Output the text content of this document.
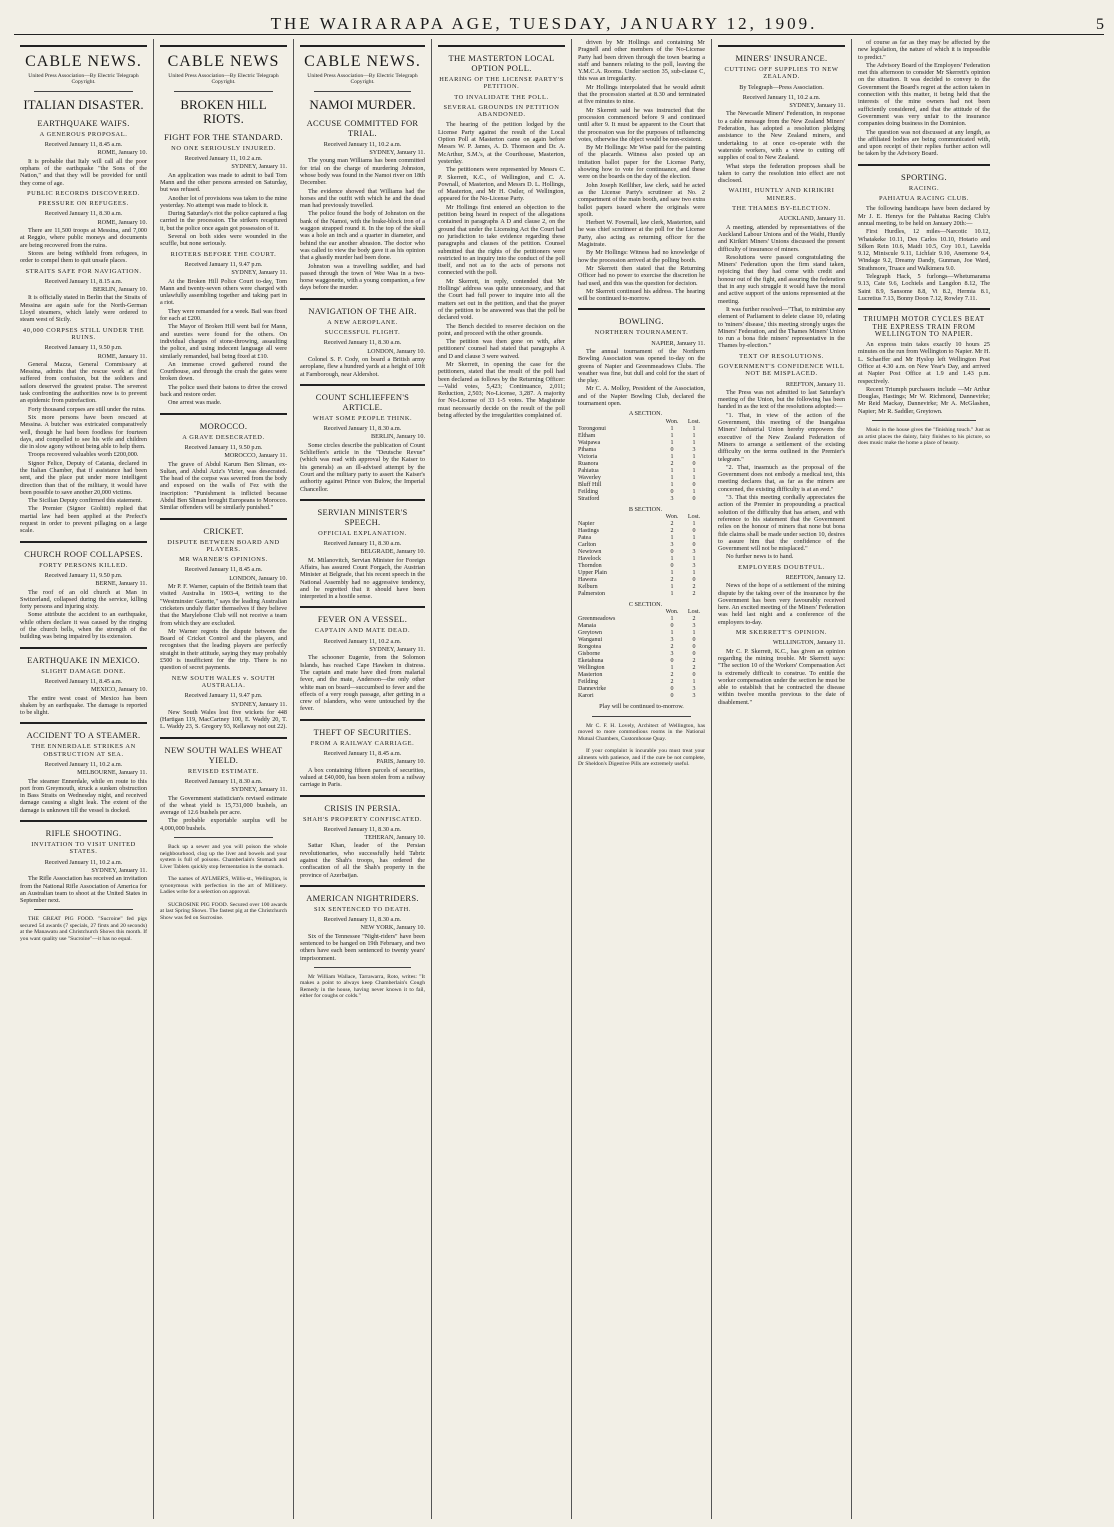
THE WAIRARAPA AGE, TUESDAY, JANUARY 12, 1909.	5
CABLE NEWS.
United Press Association—By Electric Telegraph Copyright.
ITALIAN DISASTER.
EARTHQUAKE WAIFS.
A GENEROUS PROPOSAL.

Received January 11, 8.45 a.m.

ROME, January 10.

It is probable that Italy will call all the poor orphans of the earthquake "the Sons of the Nation," and that they will be provided for until they come of age.

PUBLIC RECORDS DISCOVERED.
PRESSURE ON REFUGEES.

Received January 11, 8.30 a.m.

ROME, January 10.

There are 11,500 troops at Messina, and 7,000 at Reggio, where public moneys and documents are being recovered from the ruins.

Stores are being withheld from refugees, in order to compel them to quit unsafe places.

STRAITS SAFE FOR NAVIGATION.

Received January 11, 8.15 a.m.

BERLIN, January 10.

It is officially stated in Berlin that the Straits of Messina are again safe for the North-German Lloyd steamers, which lately were ordered to steam west of Sicily.

40,000 CORPSES STILL UNDER THE RUINS.

Received January 11, 9.50 p.m.

ROME, January 11.

General Mazza, General Commissary at Messina, admits that the rescue work at first suffered from confusion, but the soldiers and sailors deserved the greatest praise. The severest task confronting the authorities now is to prevent an epidemic from putrefaction.

Forty thousand corpses are still under the ruins.

Six more persons have been rescued at Messina. A butcher was extricated comparatively well, though he had been foodless for fourteen days, and compelled to see his wife and children die in slow agony without being able to help them.

Troops recovered valuables worth £200,000.

Signor Felice, Deputy of Catania, declared in the Italian Chamber, that if assistance had been sent, and the place put under more intelligent direction than that of the military, it would have been possible to save another 20,000 victims.

The Sicilian Deputy confirmed this statement.

The Premier (Signor Giolitti) replied that martial law had been applied at the Prefect's request in order to prevent pillaging on a large scale.

CHURCH ROOF COLLAPSES.
FORTY PERSONS KILLED.

Received January 11, 9.50 p.m.

BERNE, January 11.

The roof of an old church at Man in Switzerland, collapsed during the service, killing forty persons and injuring sixty.

Some attribute the accident to an earthquake, while others declare it was caused by the ringing of the church bells, when the strength of the building was being impaired by its extension.

EARTHQUAKE IN MEXICO.
SLIGHT DAMAGE DONE.

Received January 11, 8.45 a.m.

MEXICO, January 10.

The entire west coast of Mexico has been shaken by an earthquake. The damage is reported to be slight.

ACCIDENT TO A STEAMER.
THE ENNERDALE STRIKES AN OBSTRUCTION AT SEA.

Received January 11, 10.2 a.m.

MELBOURNE, January 11.

The steamer Ennerdale, while en route to this port from Greymouth, struck a sunken obstruction in Bass Straits on Wednesday night, and received damage causing a slight leak. The extent of the damage is unknown till the vessel is docked.

RIFLE SHOOTING.
INVITATION TO VISIT UNITED STATES.

Received January 11, 10.2 a.m.

SYDNEY, January 11.

The Rifle Association has received an invitation from the National Rifle Association of America for an Australian team to shoot at the United States in September next.

THE GREAT PIG FOOD. "Sucroine" fed pigs secured 54 awards (7 specials, 27 firsts and 20 seconds) at the Manawatu and Christchurch Shows this month. If you want quality use "Sucroine"—it has no equal.

CABLE NEWS
United Press Association—By Electric Telegraph Copyright.
BROKEN HILL RIOTS.
FIGHT FOR THE STANDARD.
NO ONE SERIOUSLY INJURED.

Received January 11, 10.2 a.m.

SYDNEY, January 11.

An application was made to admit to bail Tom Mann and the other persons arrested on Saturday, but was refused.

Another lot of provisions was taken to the mine yesterday. No attempt was made to block it.

During Saturday's riot the police captured a flag carried in the procession. The strikers recaptured it, but the police once again got possession of it.

Several on both sides were wounded in the scuffle, but none seriously.

RIOTERS BEFORE THE COURT.

Received January 11, 9.47 p.m.

SYDNEY, January 11.

At the Broken Hill Police Court to-day, Tom Mann and twenty-seven others were charged with unlawfully assembling together and taking part in a riot.

They were remanded for a week. Bail was fixed for each at £200.

The Mayor of Broken Hill went bail for Mann, and sureties were found for the others. On individual charges of stone-throwing, assaulting the police, and using indecent language all were similarly remanded, bail being fixed at £10.

An immense crowd gathered round the Courthouse, and through the crush the gates were broken down.

The police used their batons to drive the crowd back and restore order.

One arrest was made.

MOROCCO.
A GRAVE DESECRATED.

Received January 11, 9.50 p.m.

MOROCCO, January 11.

The grave of Abdul Karum Ben Sliman, ex-Sultan, and Abdul Aziz's Vizier, was desecrated. The head of the corpse was severed from the body and exposed on the walls of Fez with the inscription: "Punishment is inflicted because Abdul Ben Sliman brought Europeans to Morocco. Similar offenders will be similarly punished."

CRICKET.
DISPUTE BETWEEN BOARD AND PLAYERS.
MR WARNER'S OPINIONS.

Received January 11, 8.45 a.m.

LONDON, January 10.

Mr P. F. Warner, captain of the British team that visited Australia in 1903-4, writing to the "Westminster Gazette," says the leading Australian cricketers unduly flatter themselves if they believe that the Marylebone Club will not receive a team from which they are excluded.

Mr Warner regrets the dispute between the Board of Cricket Control and the players, and recognises that the leading players are perfectly straight in their attitude, saying they may probably £500 is insufficient for the trip. There is no question of secret payments.

NEW SOUTH WALES v. SOUTH AUSTRALIA.

Received January 11, 9.47 p.m.

SYDNEY, January 11.

New South Wales lost five wickets for 448 (Hartigan 119, MacCartney 100, E. Waddy 20, T. L. Waddy 23, S. Gregory 93, Kellaway not out 22).

NEW SOUTH WALES WHEAT YIELD.
REVISED ESTIMATE.

Received January 11, 8.30 a.m.

SYDNEY, January 11.

The Government statistician's revised estimate of the wheat yield is 15,731,000 bushels, an average of 12.6 bushels per acre.

The probable exportable surplus will be 4,000,000 bushels.

Back up a sewer and you will poison the whole neighbourhood, clog up the liver and bowels and your system is full of poisons. Chamberlain's Stomach and Liver Tablets quickly stop fermentation in the stomach.

The names of AYLMER'S, Willis-st., Wellington, is synonymous with perfection in the art of Millinery. Ladies write for a selection on approval.

SUCROSINE PIG FOOD. Secured over 100 awards at last Spring Shows. The fastest pig at the Christchurch Show was fed on Sucrosine.

CABLE NEWS.
United Press Association—By Electric Telegraph Copyright.
NAMOI MURDER.
ACCUSE COMMITTED FOR TRIAL.

Received January 11, 10.2 a.m.

SYDNEY, January 11.

The young man Williams has been committed for trial on the charge of murdering Johnston, whose body was found in the Namoi river on 18th December.

The evidence showed that Williams had the horses and the outfit with which he and the dead man had previously travelled.

The police found the body of Johnston on the bank of the Namoi, with the brake-block iron of a waggon strapped round it. In the top of the skull was a hole an inch and a quarter in diameter, and behind the ear another abrasion. The doctor who was called to view the body gave it as his opinion that a ghastly murder had been done.

Johnston was a travelling saddler, and had passed through the town of Wee Waa in a two-horse waggonette, with a young companion, a few days before the murder.

NAVIGATION OF THE AIR.
A NEW AEROPLANE.
SUCCESSFUL FLIGHT.

Received January 11, 8.30 a.m.

LONDON, January 10.

Colonel S. F. Cody, on board a British army aeroplane, flew a hundred yards at a height of 10ft at Farnborough, near Aldershot.

COUNT SCHLIEFFEN'S ARTICLE.
WHAT SOME PEOPLE THINK.

Received January 11, 8.30 a.m.

BERLIN, January 10.

Some circles describe the publication of Count Schlieffen's article in the "Deutsche Revue" (which was read with approval by the Kaiser to his generals) as an ill-advised attempt by the Court and the military party to assert the Kaiser's authority against Prince von Bulow, the Imperial Chancellor.

SERVIAN MINISTER'S SPEECH.
OFFICIAL EXPLANATION.

Received January 11, 8.30 a.m.

BELGRADE, January 10.

M. Milanovitch, Servian Minister for Foreign Affairs, has assured Count Forgach, the Austrian Minister at Belgrade, that his recent speech in the National Assembly had no aggressive tendency, and he regretted that it should have been interpreted in a hostile sense.

FEVER ON A VESSEL.
CAPTAIN AND MATE DEAD.

Received January 11, 10.2 a.m.

SYDNEY, January 11.

The schooner Eugenie, from the Solomon Islands, has reached Cape Hawken in distress. The captain and mate have died from malarial fever, and the mate, Anderson—the only other white man on board—succumbed to fever and the effects of a very rough passage, after getting in a crew of islanders, who were untouched by the fever.

THEFT OF SECURITIES.
FROM A RAILWAY CARRIAGE.

Received January 11, 8.45 a.m.

PARIS, January 10.

A box containing fifteen parcels of securities, valued at £40,000, has been stolen from a railway carriage in Paris.

CRISIS IN PERSIA.
SHAH'S PROPERTY CONFISCATED.

Received January 11, 8.30 a.m.

TEHERAN, January 10.

Sattar Khan, leader of the Persian revolutionaries, who successfully held Tabriz against the Shah's troops, has ordered the confiscation of all the Shah's property in the province of Azerbaijan.

AMERICAN NIGHTRIDERS.
SIX SENTENCED TO DEATH.

Received January 11, 8.30 a.m.

NEW YORK, January 10.

Six of the Tennessee "Night-riders" have been sentenced to be hanged on 19th February, and two others have each been sentenced to twenty years' imprisonment.

Mr William Wallace, Tarrawarra, Roto, writes: "It makes a point to always keep Chamberlain's Cough Remedy in the house, having never known it to fail, either for coughs or colds."

THE MASTERTON LOCAL OPTION POLL.
HEARING OF THE LICENSE PARTY'S PETITION.
TO INVALIDATE THE POLL.
SEVERAL GROUNDS IN PETITION ABANDONED.

The hearing of the petition lodged by the License Party against the result of the Local Option Poll at Masterton came on again before Messrs W. P. James, A. D. Thomson and Dr. A. McArthur, S.M.'s, at the Courthouse, Masterton, yesterday.

The petitioners were represented by Messrs C. P. Skerrett, K.C., of Wellington, and C. A. Pownall, of Masterton, and Messrs D. L. Hollings, of Masterton, and Mr H. Ostler, of Wellington, appeared for the No-License Party.

Mr Hollings first entered an objection to the petition being heard in respect of the allegations contained in paragraphs A D and clause 2, on the ground that under the Licensing Act the Court had no jurisdiction to take evidence regarding these paragraphs and clauses of the petition. Counsel submitted that the rights of the petitioners were restricted to an inquiry into the conduct of the poll itself, and not as to the acts of persons not connected with the poll.

Mr Skerrett, in reply, contended that Mr Hollings' address was quite unnecessary, and that the Court had full power to inquire into all the matters set out in the petition, and that the prayer of the petition to be answered was that the poll be declared void.

The Bench decided to reserve decision on the point, and proceed with the other grounds.

The petition was then gone on with, after petitioners' counsel had stated that paragraphs A and D and clause 3 were waived.

Mr Skerrett, in opening the case for the petitioners, stated that the result of the poll had been declared as follows by the Returning Officer:—Valid votes, 5,423; Continuance, 2,011; Reduction, 2,503; No-License, 3,287. A majority for No-License of 33 1-5 votes. The Magistrate must necessarily decide on the result of the poll being affected by the irregularities complained of.

driven by Mr Hollings and containing Mr Pragnell and other members of the No-License Party had been driven through the town bearing a staff and banners relating to the poll, leaving the Y.M.C.A. Rooms. Under section 35, sub-clause C, this was an irregularity.

Mr Hollings interpolated that he would admit that the procession started at 8.30 and terminated at five minutes to nine.

Mr Skerrett said he was instructed that the procession commenced before 9 and continued until after 9. It must be apparent to the Court that the procession was for the purposes of influencing votes, otherwise the object would be non-existent.

By Mr Hollings: Mr Wise paid for the painting of the placards. Witness also posted up an imitation ballot paper for the License Party, showing how to vote for continuance, and these were on the boards on the day of the election.

John Joseph Keilliher, law clerk, said he acted as the License Party's scrutineer at No. 2 compartment of the main booth, and saw two extra ballot papers issued where the originals were spoilt.

Herbert W. Fowmall, law clerk, Masterton, said he was chief scrutineer at the poll for the License Party, also acting as returning officer for the Magistrate.

By Mr Hollings: Witness had no knowledge of how the procession arrived at the polling booth.

Mr Skerrett then stated that the Returning Officer had no power to exercise the discretion he had used, and this was the question for decision.

Mr Skerrett continued his address. The hearing will be continued to-morrow.

BOWLING.
NORTHERN TOURNAMENT.

NAPIER, January 11.

The annual tournament of the Northern Bowling Association was opened to-day on the greens of Napier and Greenmeadows Clubs. The weather was fine, but dull and cold for the start of the play.

Mr C. A. Molloy, President of the Association, and of the Napier Bowling Club, declared the tournament open.

A SECTION.

	Won.	Lost.
Torongonui	1	1
Eltham	1	1
Waipawa	1	1
Pihama	0	3
Victoria	1	1
Ruanora	2	0
Pahiatua	1	1
Waverley	1	1
Bluff Hill	1	0
Feilding	0	1
Stratford	3	0

B SECTION.

	Won.	Lost.
Napier	2	1
Hastings	2	0
Patea	1	1
Carlton	3	0
Newtown	0	3
Havelock	1	1
Thorndon	0	3
Upper Plain	1	1
Hawera	2	0
Kelburn	1	2
Palmerston	1	2

C SECTION.

	Won.	Lost.
Greenmeadows	1	2
Manaia	0	3
Greytown	1	1
Wanganui	3	0
Rongotea	2	0
Gisborne	3	0
Eketahuna	0	2
Wellington	1	2
Masterton	2	0
Feilding	2	1
Dannevirke	0	3
Karori	0	3

Play will be continued to-morrow.

Mr C. F. H. Lovely, Architect of Wellington, has moved to more commodious rooms in the National Mutual Chambers, Customhouse Quay.

If your complaint is incurable you must treat your ailments with patience, and if the cure be not complete, Dr Sheldon's Digestive Pills are extremely useful.

MINERS' INSURANCE.
CUTTING OFF SUPPLIES TO NEW ZEALAND.

By Telegraph—Press Association.

Received January 11, 10.2 a.m.

SYDNEY, January 11.

The Newcastle Miners' Federation, in response to a cable message from the New Zealand Miners' Federation, has adopted a resolution pledging assistance to the New Zealand miners, and undertaking to at once co-operate with the waterside workers, with a view to cutting off supplies of coal to New Zealand.

What steps the federation proposes shall be taken to carry the resolution into effect are not disclosed.

WAIHI, HUNTLY AND KIRIKIRI MINERS.
THE THAMES BY-ELECTION.

AUCKLAND, January 11.

A meeting, attended by representatives of the Auckland Labour Unions and of the Waihi, Huntly and Kirikiri Miners' Unions discussed the present difficulty of insurance of miners.

Resolutions were passed congratulating the Miners' Federation upon the firm stand taken, rejoicing that they had come with credit and honour out of the fight, and assuring the federation that in any such struggle it would have the moral and active support of the unions represented at the meeting.

It was further resolved—"That, to minimise any element of Parliament to delete clause 10, relating to 'miners' disease,' this meeting strongly urges the Miners' Federation, and the Thames Miners' Union to run a bona fide miners' representative in the Thames by-election."

TEXT OF RESOLUTIONS.
GOVERNMENT'S CONFIDENCE WILL NOT BE MISPLACED.

REEFTON, January 11.

The Press was not admitted to last Saturday's meeting of the Union, but the following has been handed in as the text of the resolutions adopted:—

"1. That, in view of the action of the Government, this meeting of the Inangahua Miners' Industrial Union hereby empowers the executive of the New Zealand Federation of Miners to arrange a settlement of the existing difficulty on the terms outlined in the Premier's telegram."

"2. That, inasmuch as the proposal of the Government does not embody a medical test, this meeting declares that, as far as the miners are concerned, the existing difficulty is at an end."

"3. That this meeting cordially appreciates the action of the Premier in propounding a practical solution of the difficulty that has arisen, and with reference to his statement that the Government relies on the honour of miners that none but bona fide claims shall be made under section 10, desires to assure him that the confidence of the Government will not be misplaced."

No further news is to hand.

EMPLOYERS DOUBTFUL.

REEFTON, January 12.

News of the hope of a settlement of the mining dispute by the taking over of the insurance by the Government has been very favourably received here. An excited meeting of the Miners' Federation was held last night and a conference of the employers to-day.

MR SKERRETT'S OPINION.

WELLINGTON, January 11.

Mr C. P. Skerrett, K.C., has given an opinion regarding the mining trouble. Mr Skerrett says: "The section 10 of the Workers' Compensation Act is extremely difficult to construe. To entitle the worker compensation under the section he must be able to establish that he contracted the disease within twelve months previous to the date of disablement."

of course as far as they may be affected by the new legislation, the nature of which it is impossible to predict."

The Advisory Board of the Employers' Federation met this afternoon to consider Mr Skerrett's opinion on the situation. It was decided to convey to the Government the Board's regret at the action taken in connection with this matter, it being held that the interests of the mine owners had not been sufficiently considered, and that the attitude of the Government was very unfair to the insurance companies doing business in the Dominion.

The question was not discussed at any length, as the affiliated bodies are being communicated with, and upon receipt of their replies further action will be taken by the Advisory Board.

SPORTING.
RACING.
PAHIATUA RACING CLUB.

The following handicaps have been declared by Mr J. E. Henrys for the Pahiatua Racing Club's annual meeting, to be held on January 20th:—

First Hurdles, 12 miles—Narcotic 10.12, Whatakeke 10.11, Des Carlos 10.10, Hotario and Silken Rein 10.6, Maidi 10.5, Coy 10.1, Lavelda 9.12, Miniscule 9.11, Lichfair 9.10, Anemone 9.4, Windage 9.2, Dreamy Dandy, Gunman, Joe Ward, Strathmore, Truace and Walkimera 9.0.

Telegraph Hack, 5 furlongs—Whetumarama 9.13, Cate 9.6, Lochiels and Langdon 8.12, The Saint 8.9, Sansome 8.8, Vi 8.2, Hermia 8.1, Lucretius 7.13, Bonny Doon 7.12, Rowley 7.11.

TRIUMPH MOTOR CYCLES BEAT THE EXPRESS TRAIN FROM WELLINGTON TO NAPIER.

An express train takes exactly 10 hours 25 minutes on the run from Wellington to Napier. Mr H. L. Schaeffer and Mr Hyslop left Wellington Post Office at 4.30 a.m. on New Year's Day, and arrived at Napier Post Office at 1.9 and 1.43 p.m. respectively.

Recent Triumph purchasers include —Mr Arthur Douglas, Hastings; Mr W. Richmond, Dannevirke; Mr Reid Mackay, Dannevirke; Mr A. McGlashen, Napier; Mr R. Saddler, Greytown.

Music in the house gives the "finishing touch." Just as an artist places the dainty, fairy finishes to his picture, so does music make the home a place of beauty.
